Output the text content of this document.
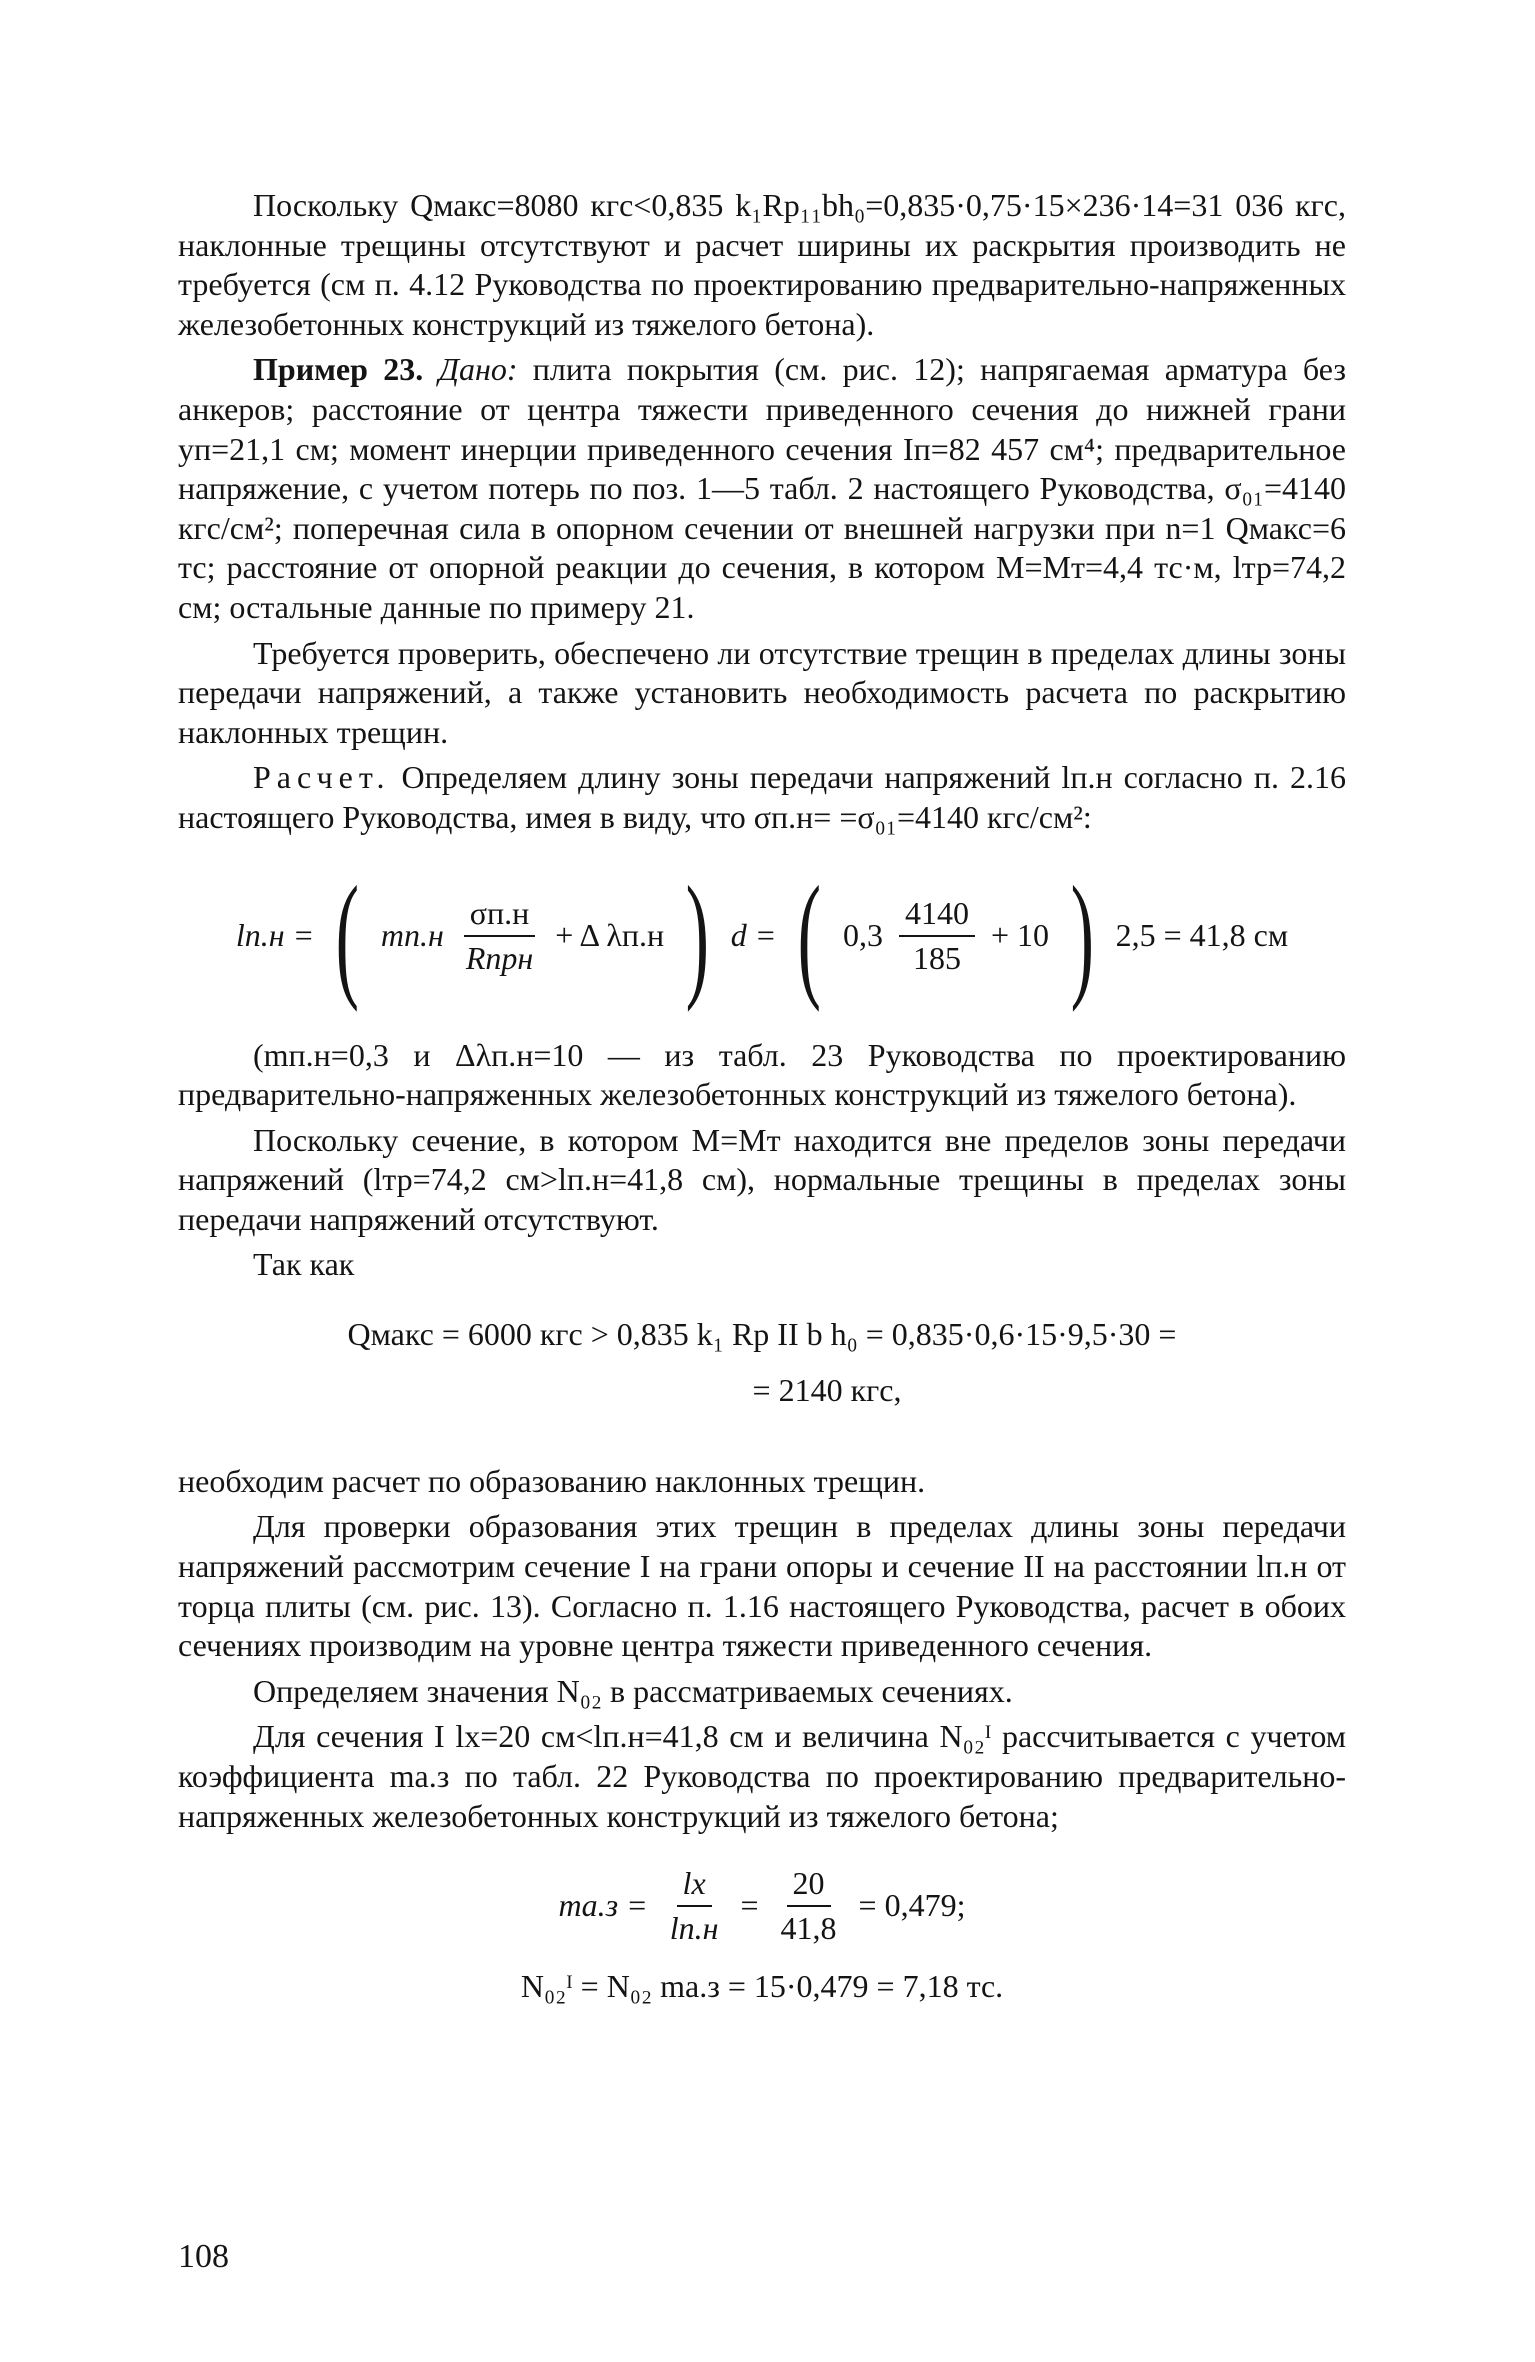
Поскольку Qмакс=8080 кгс<0,835 k₁Rр₁₁bh₀=0,835·0,75·15×236·14=31 036 кгс, наклонные трещины отсутствуют и расчет ширины их раскрытия производить не требуется (см п. 4.12 Руководства по проектированию предварительно-напряженных железобетонных конструкций из тяжелого бетона).

Пример 23. Дано: плита покрытия (см. рис. 12); напрягаемая арматура без анкеров; расстояние от центра тяжести приведенного сечения до нижней грани yп=21,1 см; момент инерции приведенного сечения Iп=82 457 см⁴; предварительное напряжение, с учетом потерь по поз. 1—5 табл. 2 настоящего Руководства, σ₀₁=4140 кгс/см²; поперечная сила в опорном сечении от внешней нагрузки при n=1 Qмакс=6 тс; расстояние от опорной реакции до сечения, в котором M=Mт=4,4 тс·м, lтр=74,2 см; остальные данные по примеру 21.

Требуется проверить, обеспечено ли отсутствие трещин в пределах длины зоны передачи напряжений, а также установить необходимость расчета по раскрытию наклонных трещин.

Расчет. Определяем длину зоны передачи напряжений lп.н согласно п. 2.16 настоящего Руководства, имея в виду, что σп.н= =σ₀₁=4140 кгс/см²:

lп.н = ( $mп.н \frac{\sigma п.н}{\text{Rпрн}} + \Delta$ λп.н ) d = ( $0,3 \frac{4140}{185} + 10$ ) 2,5 = 41,8 см

(mп.н=0,3 и Δλп.н=10 — из табл. 23 Руководства по проектированию предварительно-напряженных железобетонных конструкций из тяжелого бетона).

Поскольку сечение, в котором M=Mт находится вне пределов зоны передачи напряжений (lтр=74,2 см>lп.н=41,8 см), нормальные трещины в пределах зоны передачи напряжений отсутствуют.

Так как

Qмакс = 6000 кгс > 0,835 k₁ Rр II b h₀ = 0,835·0,6·15·9,5·30 =
= 2140 кгс,

необходим расчет по образованию наклонных трещин.

Для проверки образования этих трещин в пределах длины зоны передачи напряжений рассмотрим сечение I на грани опоры и сечение II на расстоянии lп.н от торца плиты (см. рис. 13). Согласно п. 1.16 настоящего Руководства, расчет в обоих сечениях производим на уровне центра тяжести приведенного сечения.

Определяем значения N₀₂ в рассматриваемых сечениях.

Для сечения I lx=20 см<lп.н=41,8 см и величина N₀₂ᴵ рассчитывается с учетом коэффициента mа.з по табл. 22 Руководства по проектированию предварительно-напряженных железобетонных конструкций из тяжелого бетона;

$mа.з = \frac{lx}{lп.н} = \frac{20}{41,8} = 0,479$;
N₀₂ᴵ = N₀₂ mа.з = 15·0,479 = 7,18 тс.
108
